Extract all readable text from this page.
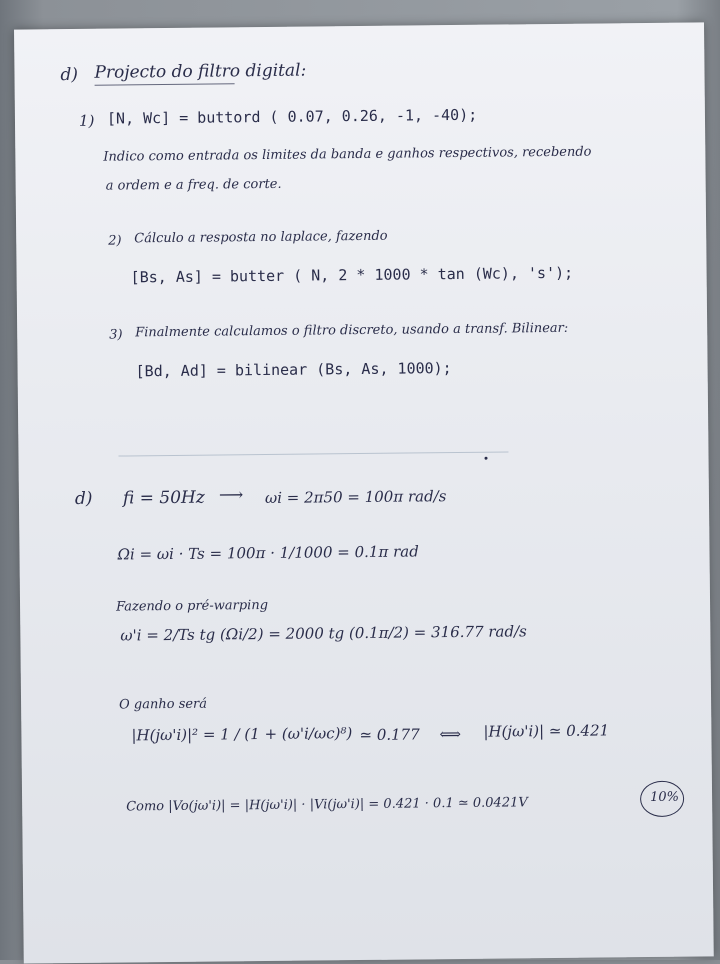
d) Projecto do filtro digital:
1) [N, Wc] = buttord ( 0.07, 0.26, -1, -40);
Indico como entrada os limites da banda e ganhos respectivos, recebendo
a ordem e a freq. de corte.
2) Cálculo a resposta no laplace, fazendo
[Bs, As] = butter ( N, 2 * 1000 * tan (Wc), 's');
3) Finalmente calculamos o filtro discreto, usando a transf. Bilinear:
[Bd, Ad] = bilinear (Bs, As, 1000);
d) fi = 50Hz ⟶ ωi = 2π50 = 100π rad/s
Ωi = ωi · Ts = 100π · 1/1000 = 0.1π rad
Fazendo o pré-warping
ω'i = 2/Ts tg (Ωi/2) = 2000 tg (0.1π/2) = 316.77 rad/s
O ganho será
|H(jω'i)|² = 1 / (1 + (ω'i/ωc)⁸) ≃ 0.177 ⟺ |H(jω'i)| ≃ 0.421
Como |Vo(jω'i)| = |H(jω'i)| · |Vi(jω'i)| = 0.421 · 0.1 ≃ 0.0421V	10%
